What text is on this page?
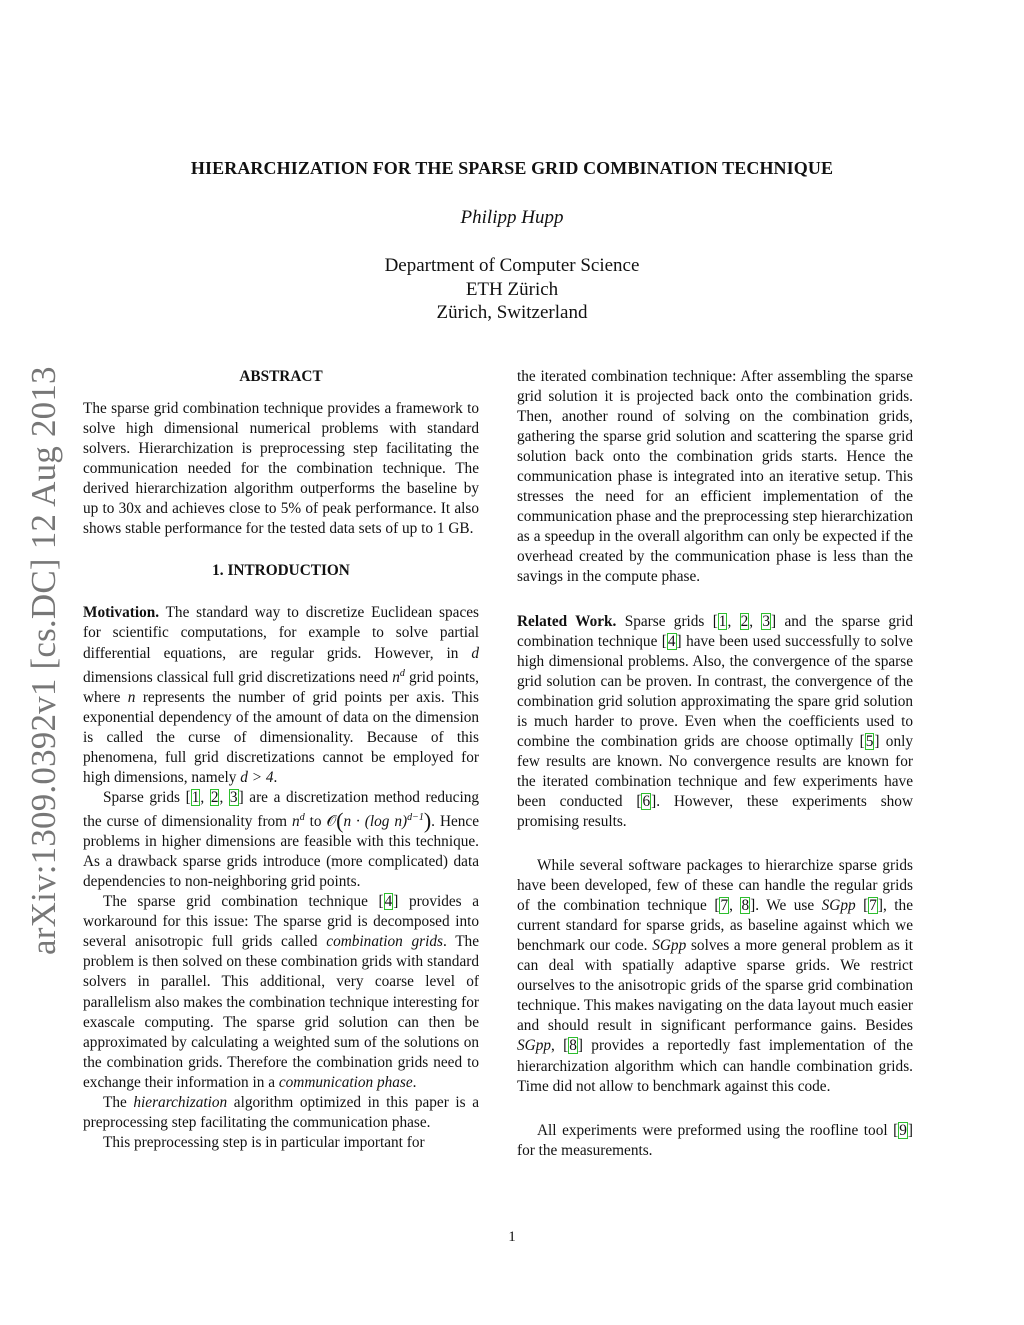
HIERARCHIZATION FOR THE SPARSE GRID COMBINATION TECHNIQUE
Philipp Hupp
Department of Computer Science
ETH Zürich
Zürich, Switzerland
arXiv:1309.0392v1 [cs.DC] 12 Aug 2013	ABSTRACT

The sparse grid combination technique provides a framework to solve high dimensional numerical problems with standard solvers. Hierarchization is preprocessing step facilitating the communication needed for the combination technique. The derived hierarchization algorithm outperforms the baseline by up to 30x and achieves close to 5% of peak performance. It also shows stable performance for the tested data sets of up to 1 GB.

1. INTRODUCTION

Motivation. The standard way to discretize Euclidean spaces for scientific computations, for example to solve partial differential equations, are regular grids. However, in d dimensions classical full grid discretizations need $n^d$ grid points, where n represents the number of grid points per axis. This exponential dependency of the amount of data on the dimension is called the curse of dimensionality. Because of this phenomena, full grid discretizations cannot be employed for high dimensions, namely d > 4.

Sparse grids [1, 2, 3] are a discretization method reducing the curse of dimensionality from $n^d$ to 𝒪(n · (log n)$^{d-1}$). Hence problems in higher dimensions are feasible with this technique. As a drawback sparse grids introduce (more complicated) data dependencies to non-neighboring grid points.

The sparse grid combination technique [4] provides a workaround for this issue: The sparse grid is decomposed into several anisotropic full grids called combination grids. The problem is then solved on these combination grids with standard solvers in parallel. This additional, very coarse level of parallelism also makes the combination technique interesting for exascale computing. The sparse grid solution can then be approximated by calculating a weighted sum of the solutions on the combination grids. Therefore the combination grids need to exchange their information in a communication phase.

The hierarchization algorithm optimized in this paper is a preprocessing step facilitating the communication phase.

This preprocessing step is in particular important for

the iterated combination technique: After assembling the sparse grid solution it is projected back onto the combination grids. Then, another round of solving on the combination grids, gathering the sparse grid solution and scattering the sparse grid solution back onto the combination grids starts. Hence the communication phase is integrated into an iterative setup. This stresses the need for an efficient implementation of the communication phase and the preprocessing step hierarchization as a speedup in the overall algorithm can only be expected if the overhead created by the communication phase is less than the savings in the compute phase.

Related Work. Sparse grids [1, 2, 3] and the sparse grid combination technique [4] have been used successfully to solve high dimensional problems. Also, the convergence of the sparse grid solution can be proven. In contrast, the convergence of the combination grid solution approximating the spare grid solution is much harder to prove. Even when the coefficients used to combine the combination grids are choose optimally [5] only few results are known. No convergence results are known for the iterated combination technique and few experiments have been conducted [6]. However, these experiments show promising results.

While several software packages to hierarchize sparse grids have been developed, few of these can handle the regular grids of the combination technique [7, 8]. We use SGpp [7], the current standard for sparse grids, as baseline against which we benchmark our code. SGpp solves a more general problem as it can deal with spatially adaptive sparse grids. We restrict ourselves to the anisotropic grids of the sparse grid combination technique. This makes navigating on the data layout much easier and should result in significant performance gains. Besides SGpp, [8] provides a reportedly fast implementation of the hierarchization algorithm which can handle combination grids. Time did not allow to benchmark against this code.

All experiments were preformed using the roofline tool [9] for the measurements.

1
